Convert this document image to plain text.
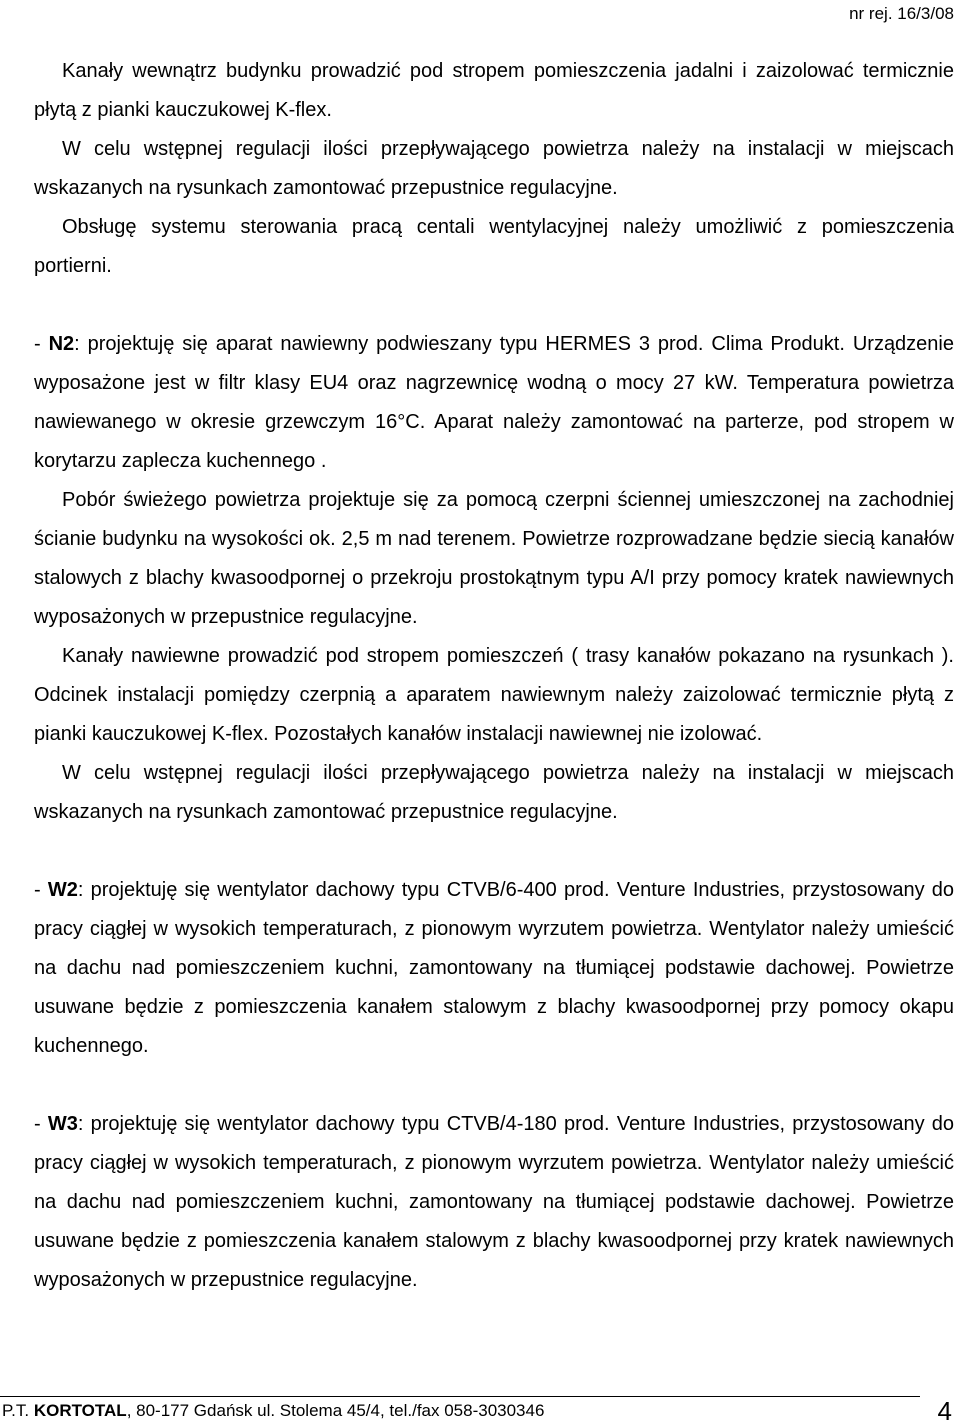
nr rej. 16/3/08

Kanały wewnątrz budynku prowadzić pod stropem pomieszczenia jadalni i zaizolować termicznie płytą z pianki kauczukowej K-flex.

W celu wstępnej regulacji ilości przepływającego powietrza należy na instalacji w miejscach wskazanych na rysunkach zamontować przepustnice regulacyjne.

Obsługę systemu sterowania pracą centali wentylacyjnej należy umożliwić z pomieszczenia portierni.

- N2: projektuję się aparat nawiewny podwieszany typu HERMES 3 prod. Clima Produkt. Urządzenie wyposażone jest w filtr klasy EU4 oraz nagrzewnicę wodną o mocy 27 kW. Temperatura powietrza nawiewanego w okresie grzewczym 16°C. Aparat należy zamontować na parterze, pod stropem w korytarzu zaplecza kuchennego .

Pobór świeżego powietrza projektuje się za pomocą czerpni ściennej umieszczonej na zachodniej ścianie budynku na wysokości ok. 2,5 m nad terenem. Powietrze rozprowadzane będzie siecią kanałów stalowych z blachy kwasoodpornej o przekroju prostokątnym typu A/I przy pomocy kratek nawiewnych wyposażonych w przepustnice regulacyjne.

Kanały nawiewne prowadzić pod stropem pomieszczeń ( trasy kanałów pokazano na rysunkach ). Odcinek instalacji pomiędzy czerpnią a aparatem nawiewnym należy zaizolować termicznie płytą z pianki kauczukowej K-flex. Pozostałych kanałów instalacji nawiewnej nie izolować.

W celu wstępnej regulacji ilości przepływającego powietrza należy na instalacji w miejscach wskazanych na rysunkach zamontować przepustnice regulacyjne.

- W2: projektuję się wentylator dachowy typu CTVB/6-400 prod. Venture Industries, przystosowany do pracy ciągłej w wysokich temperaturach, z pionowym wyrzutem powietrza. Wentylator należy umieścić na dachu nad pomieszczeniem kuchni, zamontowany na tłumiącej podstawie dachowej. Powietrze usuwane będzie z pomieszczenia kanałem stalowym z blachy kwasoodpornej przy pomocy okapu kuchennego.

- W3: projektuję się wentylator dachowy typu CTVB/4-180 prod. Venture Industries, przystosowany do pracy ciągłej w wysokich temperaturach, z pionowym wyrzutem powietrza. Wentylator należy umieścić na dachu nad pomieszczeniem kuchni, zamontowany na tłumiącej podstawie dachowej. Powietrze usuwane będzie z pomieszczenia kanałem stalowym z blachy kwasoodpornej przy kratek nawiewnych wyposażonych w przepustnice regulacyjne.

P.T. KORTOTAL, 80-177 Gdańsk ul. Stolema 45/4, tel./fax 058-3030346	4
